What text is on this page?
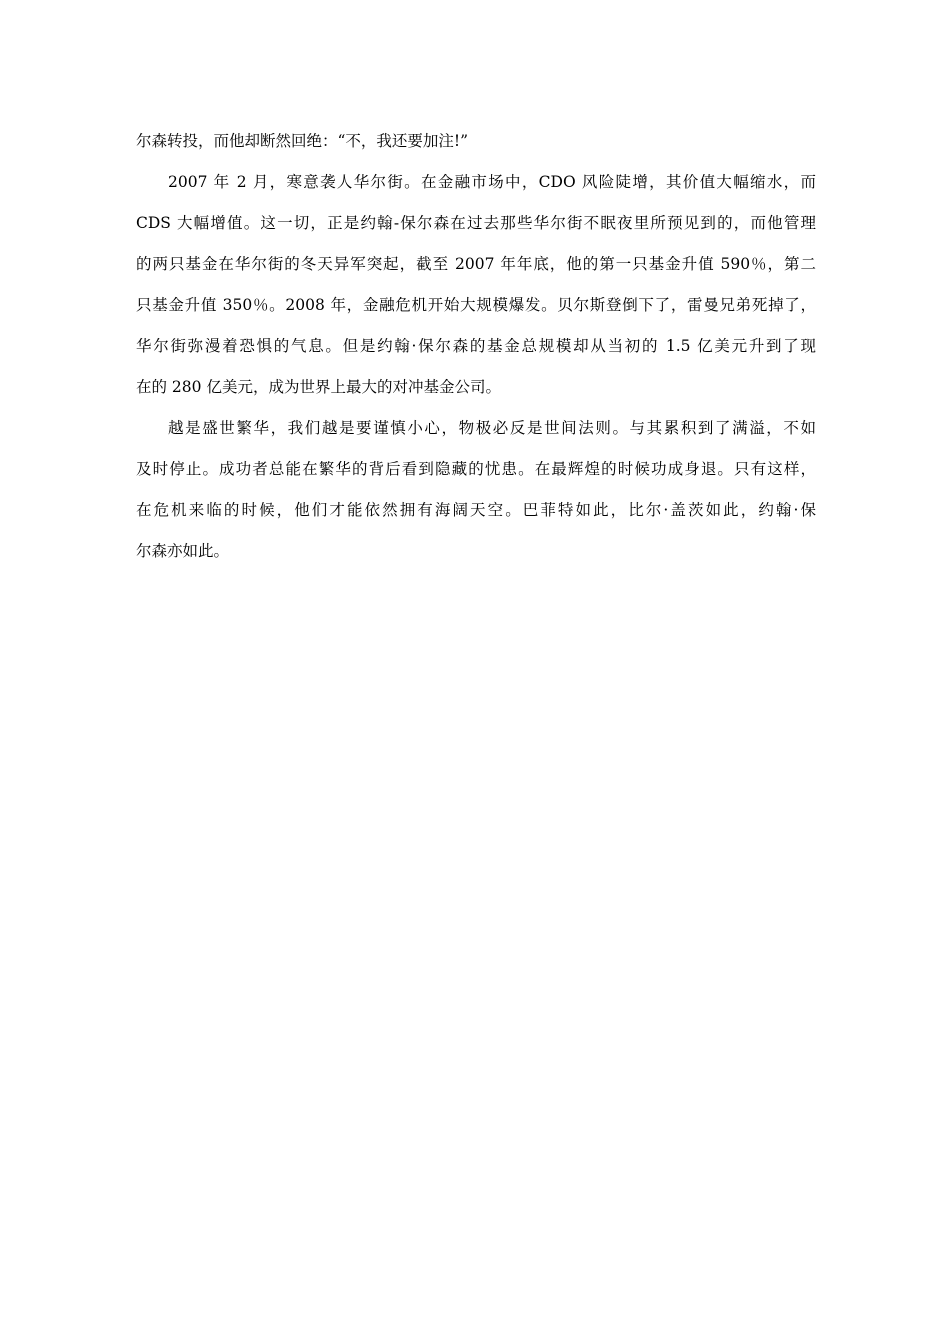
尔森转投，而他却断然回绝：“不，我还要加注!”
2007 年 2 月，寒意袭人华尔街。在金融市场中，CDO 风险陡增，其价值大幅缩水，而
CDS 大幅增值。这一切，正是约翰-保尔森在过去那些华尔街不眠夜里所预见到的，而他管理
的两只基金在华尔街的冬天异军突起，截至 2007 年年底，他的第一只基金升值 590％，第二
只基金升值 350％。2008 年，金融危机开始大规模爆发。贝尔斯登倒下了，雷曼兄弟死掉了，
华尔街弥漫着恐惧的气息。但是约翰·保尔森的基金总规模却从当初的 1.5 亿美元升到了现
在的 280 亿美元，成为世界上最大的对冲基金公司。
越是盛世繁华，我们越是要谨慎小心，物极必反是世间法则。与其累积到了满溢，不如
及时停止。成功者总能在繁华的背后看到隐藏的忧患。在最辉煌的时候功成身退。只有这样，
在危机来临的时候，他们才能依然拥有海阔天空。巴菲特如此，比尔·盖茨如此，约翰·保
尔森亦如此。
